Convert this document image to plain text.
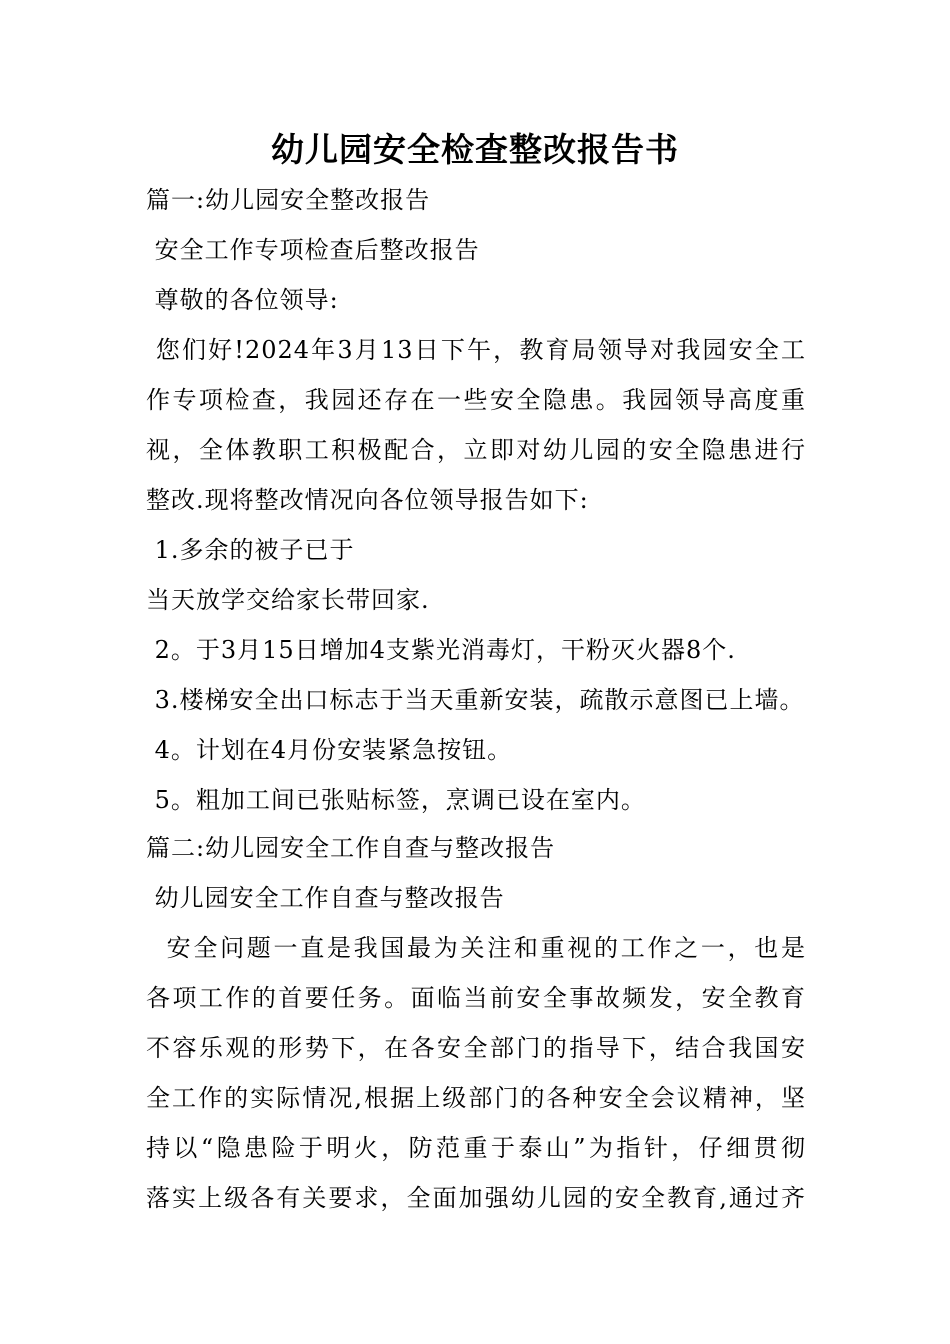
幼儿园安全检查整改报告书
篇一:幼儿园安全整改报告
安全工作专项检查后整改报告
尊敬的各位领导:
您们好!2024年3月13日下午，教育局领导对我园安全工
作专项检查，我园还存在一些安全隐患。我园领导高度重
视，全体教职工积极配合，立即对幼儿园的安全隐患进行
整改.现将整改情况向各位领导报告如下:
1.多余的被子已于
当天放学交给家长带回家.
2。于3月15日增加4支紫光消毒灯，干粉灭火器8个.
3.楼梯安全出口标志于当天重新安装，疏散示意图已上墙。
4。计划在4月份安装紧急按钮。
5。粗加工间已张贴标签，烹调已设在室内。
篇二:幼儿园安全工作自查与整改报告
幼儿园安全工作自查与整改报告
安全问题一直是我国最为关注和重视的工作之一，也是
各项工作的首要任务。面临当前安全事故频发，安全教育
不容乐观的形势下，在各安全部门的指导下，结合我国安
全工作的实际情况,根据上级部门的各种安全会议精神，坚
持以“隐患险于明火，防范重于泰山”为指针，仔细贯彻
落实上级各有关要求，全面加强幼儿园的安全教育,通过齐
